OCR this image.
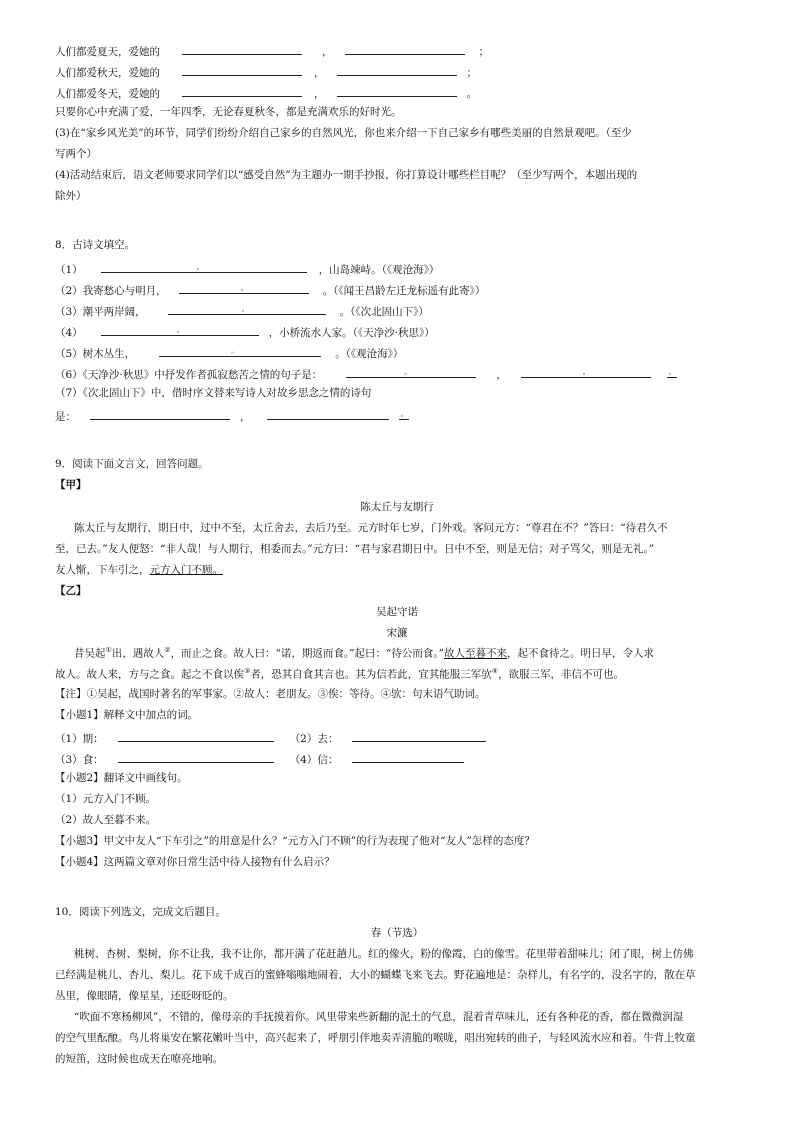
人们都爱夏天，爱她的	，	；
人们都爱秋天，爱她的	，	；
人们都爱冬天，爱她的	，	。
只要你心中充满了爱，一年四季，无论春夏秋冬，都是充满欢乐的好时光。
(3)在“家乡风光美”的环节，同学们纷纷介绍自己家乡的自然风光，你也来介绍一下自己家乡有哪些美丽的自然景观吧。（至少
写两个）
(4)活动结束后，语文老师要求同学们以“感受自然”为主题办一期手抄报，你打算设计哪些栏目呢？（至少写两个，本题出现的
除外）
8．古诗文填空。
（1）	。	，山岛竦峙。（《观沧海》）
（2）我寄愁心与明月，	。	。（《闻王昌龄左迁龙标遥有此寄》）
（3）潮平两岸阔，	。	。（《次北固山下》）
（4）	。	，小桥流水人家。（《天净沙·秋思》）
（5）树木丛生，	。	。（《观沧海》）
（6）《天净沙·秋思》中抒发作者孤寂愁苦之情的句子是：	。	，	。	。
（7）《次北固山下》中，借时序文替来写诗人对故乡思念之情的诗句
是：	，	。
9．阅读下面文言文，回答问题。
【甲】
陈太丘与友期行
陈太丘与友期行，期日中，过中不至，太丘舍去，去后乃至。元方时年七岁，门外戏。客问元方：“尊君在不？”答曰：“待君久不
至，已去。”友人便怒：“非人哉！与人期行，相委而去。”元方曰：“君与家君期日中。日中不至，则是无信；对子骂父，则是无礼。”
友人惭，下车引之，元方入门不顾。
【乙】
吴起守诺
宋濂
昔吴起①出，遇故人②，而止之食。故人曰：“诺，期返而食。”起曰：“待公而食。”故人至暮不来，起不食待之。明日早，令人求
故人。故人来，方与之食。起之不食以俟③者，恐其自食其言也。其为信若此，宜其能服三军欤④，欲服三军，非信不可也。
【注】①吴起，战国时著名的军事家。②故人：老朋友。③俟：等待。④欤：句末语气助词。
【小题1】解释文中加点的词。
（1）期：	（2）去：
（3）食：	（4）信：
【小题2】翻译文中画线句。
（1）元方入门不顾。
（2）故人至暮不来。
【小题3】甲文中友人“下车引之”的用意是什么？“元方入门不顾”的行为表现了他对“友人”怎样的态度？
【小题4】这两篇文章对你日常生活中待人接物有什么启示？
10．阅读下列选文，完成文后题目。
春（节选）
桃树、杏树、梨树，你不让我，我不让你，都开满了花赶趟儿。红的像火，粉的像霞，白的像雪。花里带着甜味儿；闭了眼，树上仿佛
已经满是桃儿、杏儿、梨儿。花下成千成百的蜜蜂嗡嗡地闹着，大小的蝴蝶飞来飞去。野花遍地是：杂样儿，有名字的，没名字的，散在草
丛里，像眼睛，像星星，还眨呀眨的。
“吹面不寒杨柳风”，不错的，像母亲的手抚摸着你。风里带来些新翻的泥土的气息，混着青草味儿，还有各种花的香，都在微微润湿
的空气里酝酿。鸟儿将巢安在繁花嫩叶当中，高兴起来了，呼朋引伴地卖弄清脆的喉咙，唱出宛转的曲子，与轻风流水应和着。牛背上牧童
的短笛，这时候也成天在嘹亮地响。
